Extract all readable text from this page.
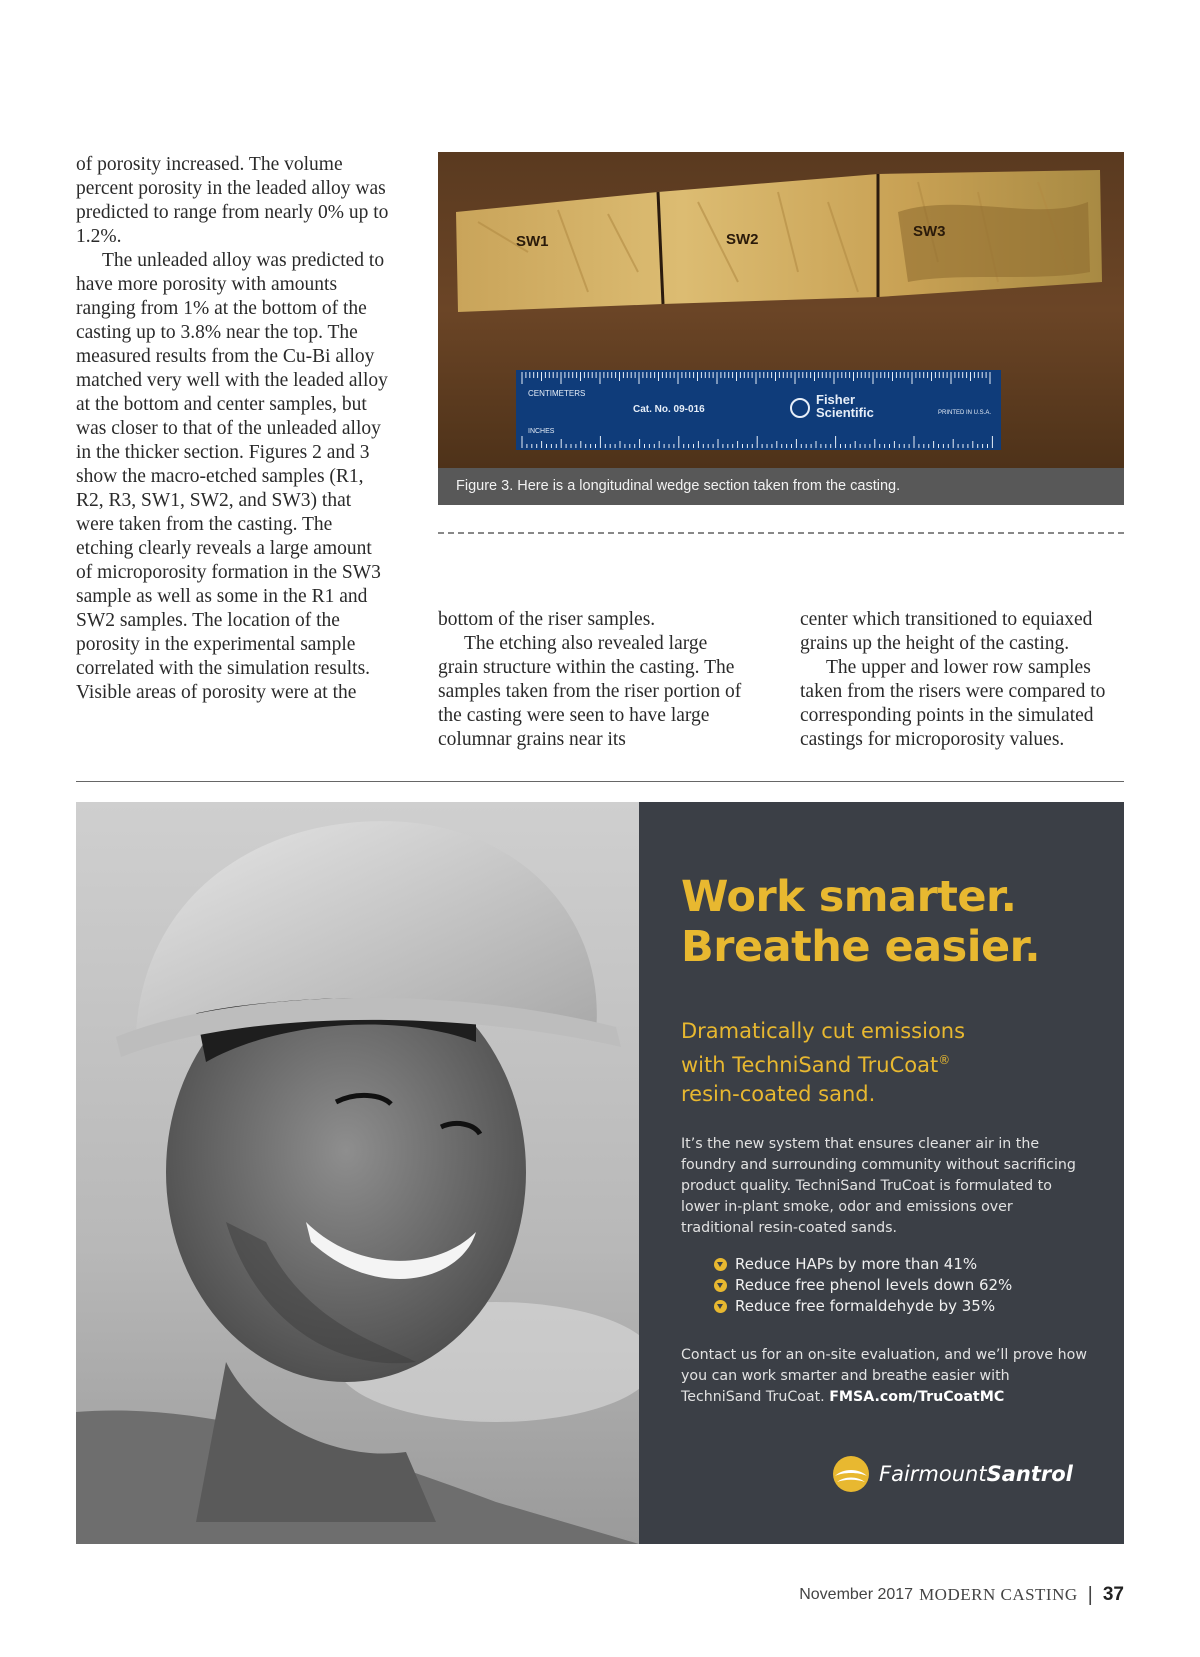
of porosity increased. The volume percent porosity in the leaded alloy was predicted to range from nearly 0% up to 1.2%.

The unleaded alloy was predicted to have more porosity with amounts ranging from 1% at the bottom of the casting up to 3.8% near the top. The measured results from the Cu-Bi alloy matched very well with the leaded alloy at the bottom and center samples, but was closer to that of the unleaded alloy in the thicker section. Figures 2 and 3 show the macro-etched samples (R1, R2, R3, SW1, SW2, and SW3) that were taken from the casting. The etching clearly reveals a large amount of microporosity formation in the SW3 sample as well as some in the R1 and SW2 samples. The location of the porosity in the experimental sample correlated with the simulation results. Visible areas of porosity were at the

SW1	SW2	SW3
CENTIMETERS
Cat. No. 09-016
Fisher
Scientific	PRINTED IN U.S.A.
INCHES
Figure 3. Here is a longitudinal wedge section taken from the casting.

bottom of the riser samples.

The etching also revealed large grain structure within the casting. The samples taken from the riser portion of the casting were seen to have large columnar grains near its

center which transitioned to equiaxed grains up the height of the casting.

The upper and lower row samples taken from the risers were compared to corresponding points in the simulated castings for microporosity values.

Work smarter.
Breathe easier.
Dramatically cut emissions
with TechniSand TruCoat®
resin-coated sand.
It’s the new system that ensures cleaner air in the foundry and surrounding community without sacrificing product quality. TechniSand TruCoat is formulated to lower in-plant smoke, odor and emissions over traditional resin-coated sands.
Reduce HAPs by more than 41%
Reduce free phenol levels down 62%
Reduce free formaldehyde by 35%
Contact us for an on-site evaluation, and we’ll prove how you can work smarter and breathe easier with TechniSand TruCoat. FMSA.com/TruCoatMC
FairmountSantrol
November 2017 MODERN CASTING | 37
